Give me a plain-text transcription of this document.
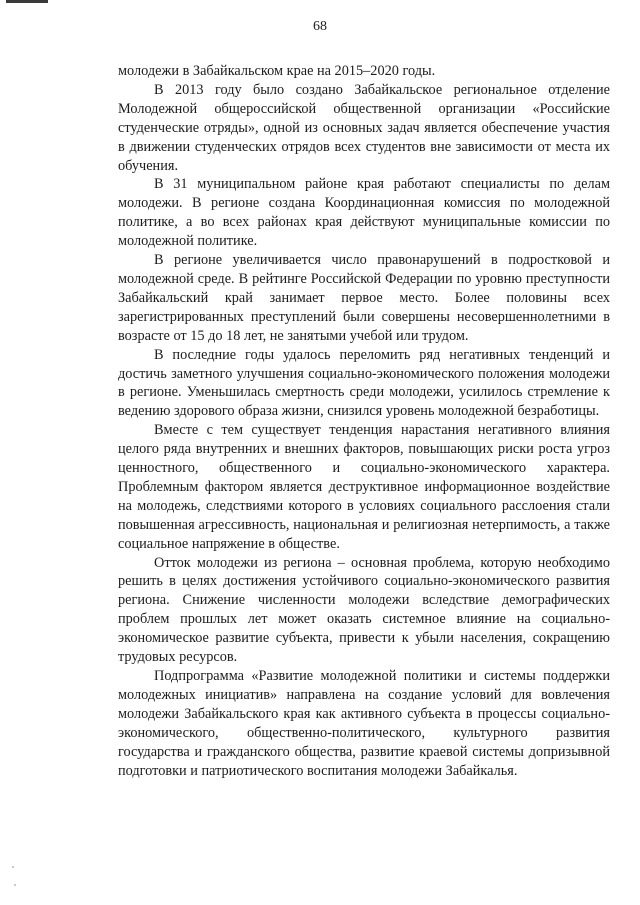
68

молодежи в Забайкальском крае на 2015–2020 годы.

В 2013 году было создано Забайкальское региональное отделение Молодежной общероссийской общественной организации «Российские студенческие отряды», одной из основных задач является обеспечение участия в движении студенческих отрядов всех студентов вне зависимости от места их обучения.

В 31 муниципальном районе края работают специалисты по делам молодежи. В регионе создана Координационная комиссия по молодежной политике, а во всех районах края действуют муниципальные комиссии по молодежной политике.

В регионе увеличивается число правонарушений в подростковой и молодежной среде. В рейтинге Российской Федерации по уровню преступности Забайкальский край занимает первое место. Более половины всех зарегистрированных преступлений были совершены несовершеннолетними в возрасте от 15 до 18 лет, не занятыми учебой или трудом.

В последние годы удалось переломить ряд негативных тенденций и достичь заметного улучшения социально-экономического положения молодежи в регионе. Уменьшилась смертность среди молодежи, усилилось стремление к ведению здорового образа жизни, снизился уровень молодежной безработицы.

Вместе с тем существует тенденция нарастания негативного влияния целого ряда внутренних и внешних факторов, повышающих риски роста угроз ценностного, общественного и социально-экономического характера. Проблемным фактором является деструктивное информационное воздействие на молодежь, следствиями которого в условиях социального расслоения стали повышенная агрессивность, национальная и религиозная нетерпимость, а также социальное напряжение в обществе.

Отток молодежи из региона – основная проблема, которую необходимо решить в целях достижения устойчивого социально-экономического развития региона. Снижение численности молодежи вследствие демографических проблем прошлых лет может оказать системное влияние на социально-экономическое развитие субъекта, привести к убыли населения, сокращению трудовых ресурсов.

Подпрограмма «Развитие молодежной политики и системы поддержки молодежных инициатив» направлена на создание условий для вовлечения молодежи Забайкальского края как активного субъекта в процессы социально-экономического, общественно-политического, культурного развития государства и гражданского общества, развитие краевой системы допризывной подготовки и патриотического воспитания молодежи Забайкалья.
